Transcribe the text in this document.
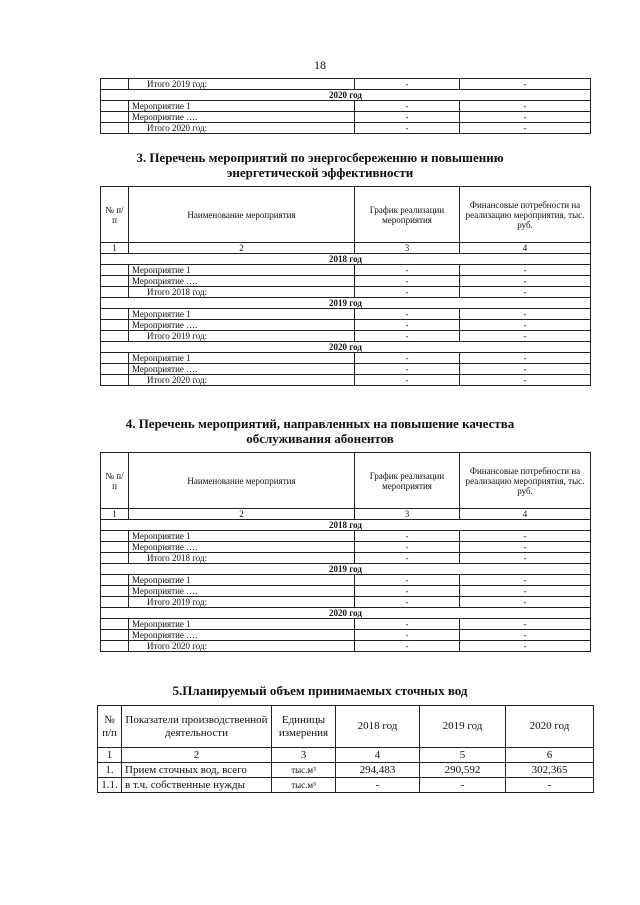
18
	Итого 2019 год:	-	-
2020 год			
	Мероприятие 1	-	-
	Мероприятие ….	-	-
	Итого 2020 год:	-	-
3. Перечень мероприятий по энергосбережению и повышению
энергетической эффективности
№ п/п	Наименование мероприятия	График реализации мероприятия	Финансовые потребности на реализацию мероприятия, тыс. руб.
1	2	3	4
2018 год			
	Мероприятие 1	-	-
	Мероприятие ….	-	-
	Итого 2018 год:	-	-
2019 год			
	Мероприятие 1	-	-
	Мероприятие ….	-	-
	Итого 2019 год:	-	-
2020 год			
	Мероприятие 1	-	-
	Мероприятие ….	-	-
	Итого 2020 год:	-	-
4. Перечень мероприятий, направленных на повышение качества
обслуживания абонентов
№ п/п	Наименование мероприятия	График реализации мероприятия	Финансовые потребности на реализацию мероприятия, тыс. руб.
1	2	3	4
2018 год			
	Мероприятие 1	-	-
	Мероприятие ….	-	-
	Итого 2018 год:	-	-
2019 год			
	Мероприятие 1	-	-
	Мероприятие ….	-	-
	Итого 2019 год:	-	-
2020 год			
	Мероприятие 1	-	-
	Мероприятие ….	-	-
	Итого 2020 год:	-	-
5.Планируемый объем принимаемых сточных вод
№ п/п	Показатели производственной деятельности	Единицы измерения	2018 год	2019 год	2020 год
1	2	3	4	5	6
1.	Прием сточных вод, всего	тыс.м³	294,483	290,592	302,365
1.1.	в т.ч. собственные нужды	тыс.м³	-	-	-
